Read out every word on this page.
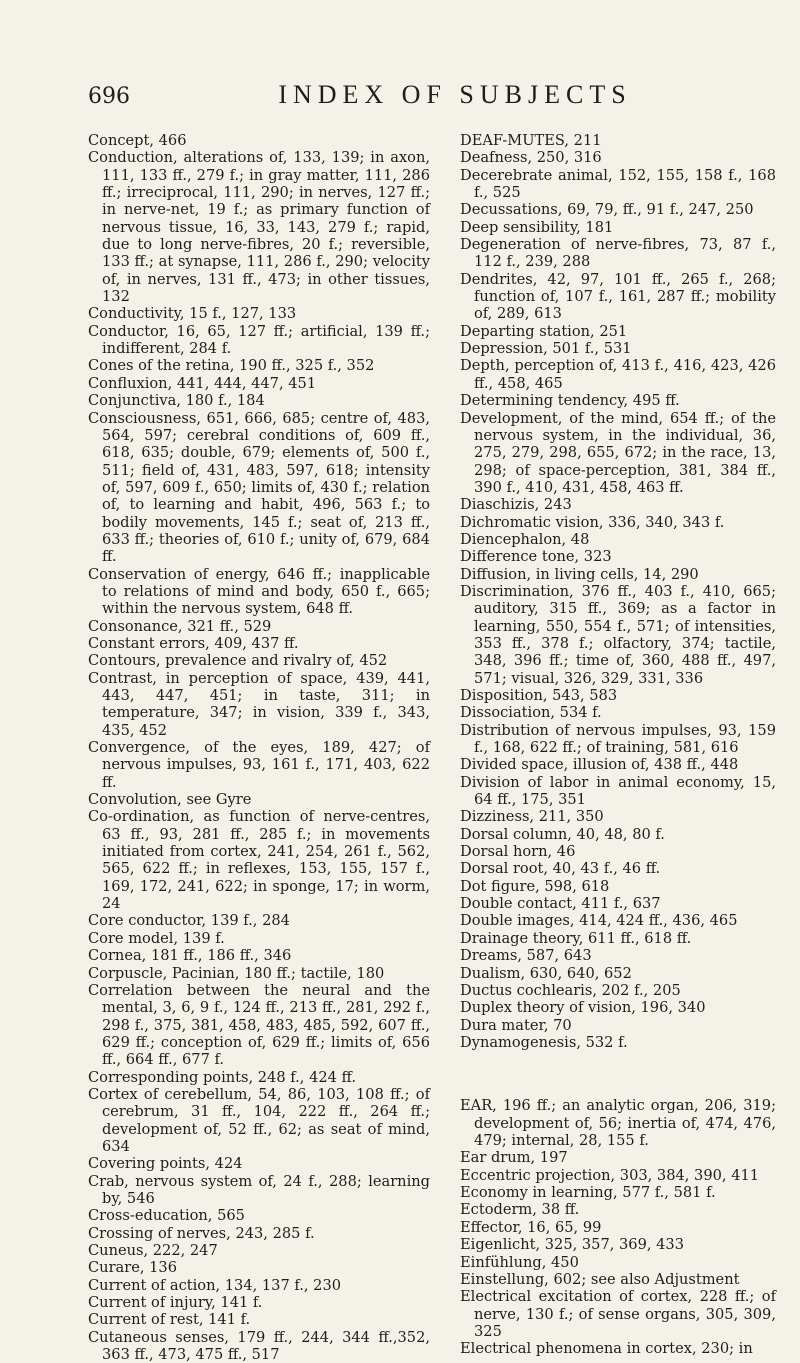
696	INDEX OF SUBJECTS

Concept, 466

Conduction, alterations of, 133, 139; in axon, 111, 133 ff., 279 f.; in gray matter, 111, 286 ff.; irreciprocal, 111, 290; in nerves, 127 ff.; in nerve-net, 19 f.; as primary function of nervous tissue, 16, 33, 143, 279 f.; rapid, due to long nerve-fibres, 20 f.; reversible, 133 ff.; at synapse, 111, 286 f., 290; velocity of, in nerves, 131 ff., 473; in other tissues, 132

Conductivity, 15 f., 127, 133

Conductor, 16, 65, 127 ff.; artificial, 139 ff.; indifferent, 284 f.

Cones of the retina, 190 ff., 325 f., 352

Confluxion, 441, 444, 447, 451

Conjunctiva, 180 f., 184

Consciousness, 651, 666, 685; centre of, 483, 564, 597; cerebral conditions of, 609 ff., 618, 635; double, 679; elements of, 500 f., 511; field of, 431, 483, 597, 618; intensity of, 597, 609 f., 650; limits of, 430 f.; relation of, to learning and habit, 496, 563 f.; to bodily movements, 145 f.; seat of, 213 ff., 633 ff.; theories of, 610 f.; unity of, 679, 684 ff.

Conservation of energy, 646 ff.; inapplicable to relations of mind and body, 650 f., 665; within the nervous system, 648 ff.

Consonance, 321 ff., 529

Constant errors, 409, 437 ff.

Contours, prevalence and rivalry of, 452

Contrast, in perception of space, 439, 441, 443, 447, 451; in taste, 311; in temperature, 347; in vision, 339 f., 343, 435, 452

Convergence, of the eyes, 189, 427; of nervous impulses, 93, 161 f., 171, 403, 622 ff.

Convolution, see Gyre

Co-ordination, as function of nerve-centres, 63 ff., 93, 281 ff., 285 f.; in movements initiated from cortex, 241, 254, 261 f., 562, 565, 622 ff.; in reflexes, 153, 155, 157 f., 169, 172, 241, 622; in sponge, 17; in worm, 24

Core conductor, 139 f., 284

Core model, 139 f.

Cornea, 181 ff., 186 ff., 346

Corpuscle, Pacinian, 180 ff.; tactile, 180

Correlation between the neural and the mental, 3, 6, 9 f., 124 ff., 213 ff., 281, 292 f., 298 f., 375, 381, 458, 483, 485, 592, 607 ff., 629 ff.; conception of, 629 ff.; limits of, 656 ff., 664 ff., 677 f.

Corresponding points, 248 f., 424 ff.

Cortex of cerebellum, 54, 86, 103, 108 ff.; of cerebrum, 31 ff., 104, 222 ff., 264 ff.; development of, 52 ff., 62; as seat of mind, 634

Covering points, 424

Crab, nervous system of, 24 f., 288; learning by, 546

Cross-education, 565

Crossing of nerves, 243, 285 f.

Cuneus, 222, 247

Curare, 136

Current of action, 134, 137 f., 230

Current of injury, 141 f.

Current of rest, 141 f.

Cutaneous senses, 179 ff., 244, 344 ff.,352, 363 ff., 473, 475 ff., 517

DEAF-MUTES, 211

Deafness, 250, 316

Decerebrate animal, 152, 155, 158 f., 168 f., 525

Decussations, 69, 79, ff., 91 f., 247, 250

Deep sensibility, 181

Degeneration of nerve-fibres, 73, 87 f., 112 f., 239, 288

Dendrites, 42, 97, 101 ff., 265 f., 268; function of, 107 f., 161, 287 ff.; mobility of, 289, 613

Departing station, 251

Depression, 501 f., 531

Depth, perception of, 413 f., 416, 423, 426 ff., 458, 465

Determining tendency, 495 ff.

Development, of the mind, 654 ff.; of the nervous system, in the individual, 36, 275, 279, 298, 655, 672; in the race, 13, 298; of space-perception, 381, 384 ff., 390 f., 410, 431, 458, 463 ff.

Diaschizis, 243

Dichromatic vision, 336, 340, 343 f.

Diencephalon, 48

Difference tone, 323

Diffusion, in living cells, 14, 290

Discrimination, 376 ff., 403 f., 410, 665; auditory, 315 ff., 369; as a factor in learning, 550, 554 f., 571; of intensities, 353 ff., 378 f.; olfactory, 374; tactile, 348, 396 ff.; time of, 360, 488 ff., 497, 571; visual, 326, 329, 331, 336

Disposition, 543, 583

Dissociation, 534 f.

Distribution of nervous impulses, 93, 159 f., 168, 622 ff.; of training, 581, 616

Divided space, illusion of, 438 ff., 448

Division of labor in animal economy, 15, 64 ff., 175, 351

Dizziness, 211, 350

Dorsal column, 40, 48, 80 f.

Dorsal horn, 46

Dorsal root, 40, 43 f., 46 ff.

Dot figure, 598, 618

Double contact, 411 f., 637

Double images, 414, 424 ff., 436, 465

Drainage theory, 611 ff., 618 ff.

Dreams, 587, 643

Dualism, 630, 640, 652

Ductus cochlearis, 202 f., 205

Duplex theory of vision, 196, 340

Dura mater, 70

Dynamogenesis, 532 f.

EAR, 196 ff.; an analytic organ, 206, 319; development of, 56; inertia of, 474, 476, 479; internal, 28, 155 f.

Ear drum, 197

Eccentric projection, 303, 384, 390, 411

Economy in learning, 577 f., 581 f.

Ectoderm, 38 ff.

Effector, 16, 65, 99

Eigenlicht, 325, 357, 369, 433

Einfühlung, 450

Einstellung, 602; see also Adjustment

Electrical excitation of cortex, 228 ff.; of nerve, 130 f.; of sense organs, 305, 309, 325

Electrical phenomena in cortex, 230; in
